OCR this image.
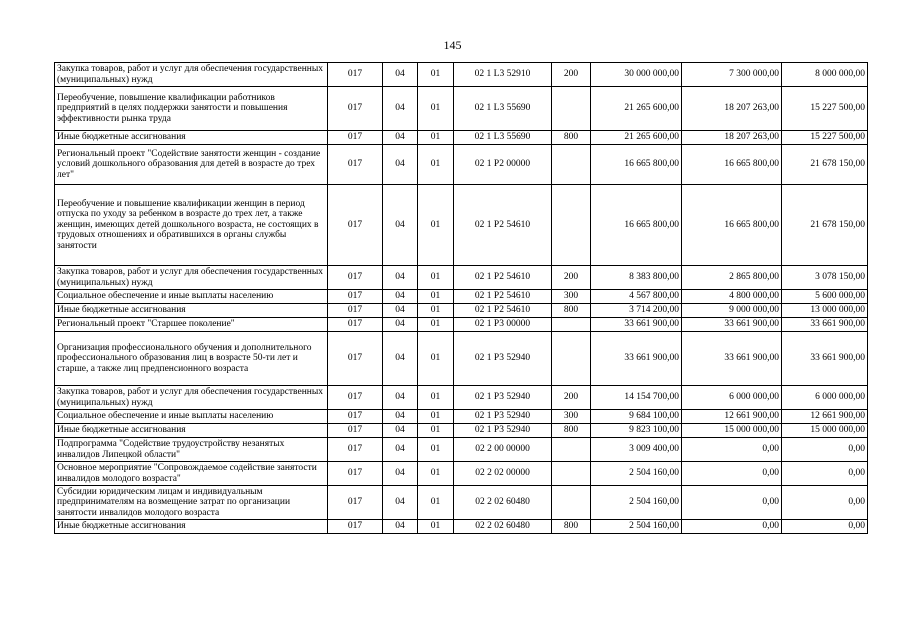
145
Закупка товаров, работ и услуг для обеспечения государственных (муниципальных) нужд	017	04	01	02 1 L3 52910	200	30 000 000,00	7 300 000,00	8 000 000,00
Переобучение, повышение квалификации работников предприятий в целях поддержки занятости и повышения эффективности рынка труда	017	04	01	02 1 L3 55690		21 265 600,00	18 207 263,00	15 227 500,00
Иные бюджетные ассигнования	017	04	01	02 1 L3 55690	800	21 265 600,00	18 207 263,00	15 227 500,00
Региональный проект "Содействие занятости женщин - создание условий дошкольного образования для детей в возрасте до трех лет"	017	04	01	02 1 P2 00000		16 665 800,00	16 665 800,00	21 678 150,00
Переобучение и повышение квалификации женщин в период отпуска по уходу за ребенком в возрасте до трех лет, а также женщин, имеющих детей дошкольного возраста, не состоящих в трудовых отношениях и обратившихся в органы службы занятости	017	04	01	02 1 P2 54610		16 665 800,00	16 665 800,00	21 678 150,00
Закупка товаров, работ и услуг для обеспечения государственных (муниципальных) нужд	017	04	01	02 1 P2 54610	200	8 383 800,00	2 865 800,00	3 078 150,00
Социальное обеспечение и иные выплаты населению	017	04	01	02 1 P2 54610	300	4 567 800,00	4 800 000,00	5 600 000,00
Иные бюджетные ассигнования	017	04	01	02 1 P2 54610	800	3 714 200,00	9 000 000,00	13 000 000,00
Региональный проект "Старшее поколение"	017	04	01	02 1 P3 00000		33 661 900,00	33 661 900,00	33 661 900,00
Организация профессионального обучения и дополнительного профессионального образования лиц в возрасте 50-ти лет и старше, а также лиц предпенсионного возраста	017	04	01	02 1 P3 52940		33 661 900,00	33 661 900,00	33 661 900,00
Закупка товаров, работ и услуг для обеспечения государственных (муниципальных) нужд	017	04	01	02 1 P3 52940	200	14 154 700,00	6 000 000,00	6 000 000,00
Социальное обеспечение и иные выплаты населению	017	04	01	02 1 P3 52940	300	9 684 100,00	12 661 900,00	12 661 900,00
Иные бюджетные ассигнования	017	04	01	02 1 P3 52940	800	9 823 100,00	15 000 000,00	15 000 000,00
Подпрограмма "Содействие трудоустройству незанятых инвалидов Липецкой области"	017	04	01	02 2 00 00000		3 009 400,00	0,00	0,00
Основное мероприятие "Сопровождаемое содействие занятости инвалидов молодого возраста"	017	04	01	02 2 02 00000		2 504 160,00	0,00	0,00
Субсидии юридическим лицам и индивидуальным предпринимателям на возмещение затрат по организации занятости инвалидов молодого возраста	017	04	01	02 2 02 60480		2 504 160,00	0,00	0,00
Иные бюджетные ассигнования	017	04	01	02 2 02 60480	800	2 504 160,00	0,00	0,00
